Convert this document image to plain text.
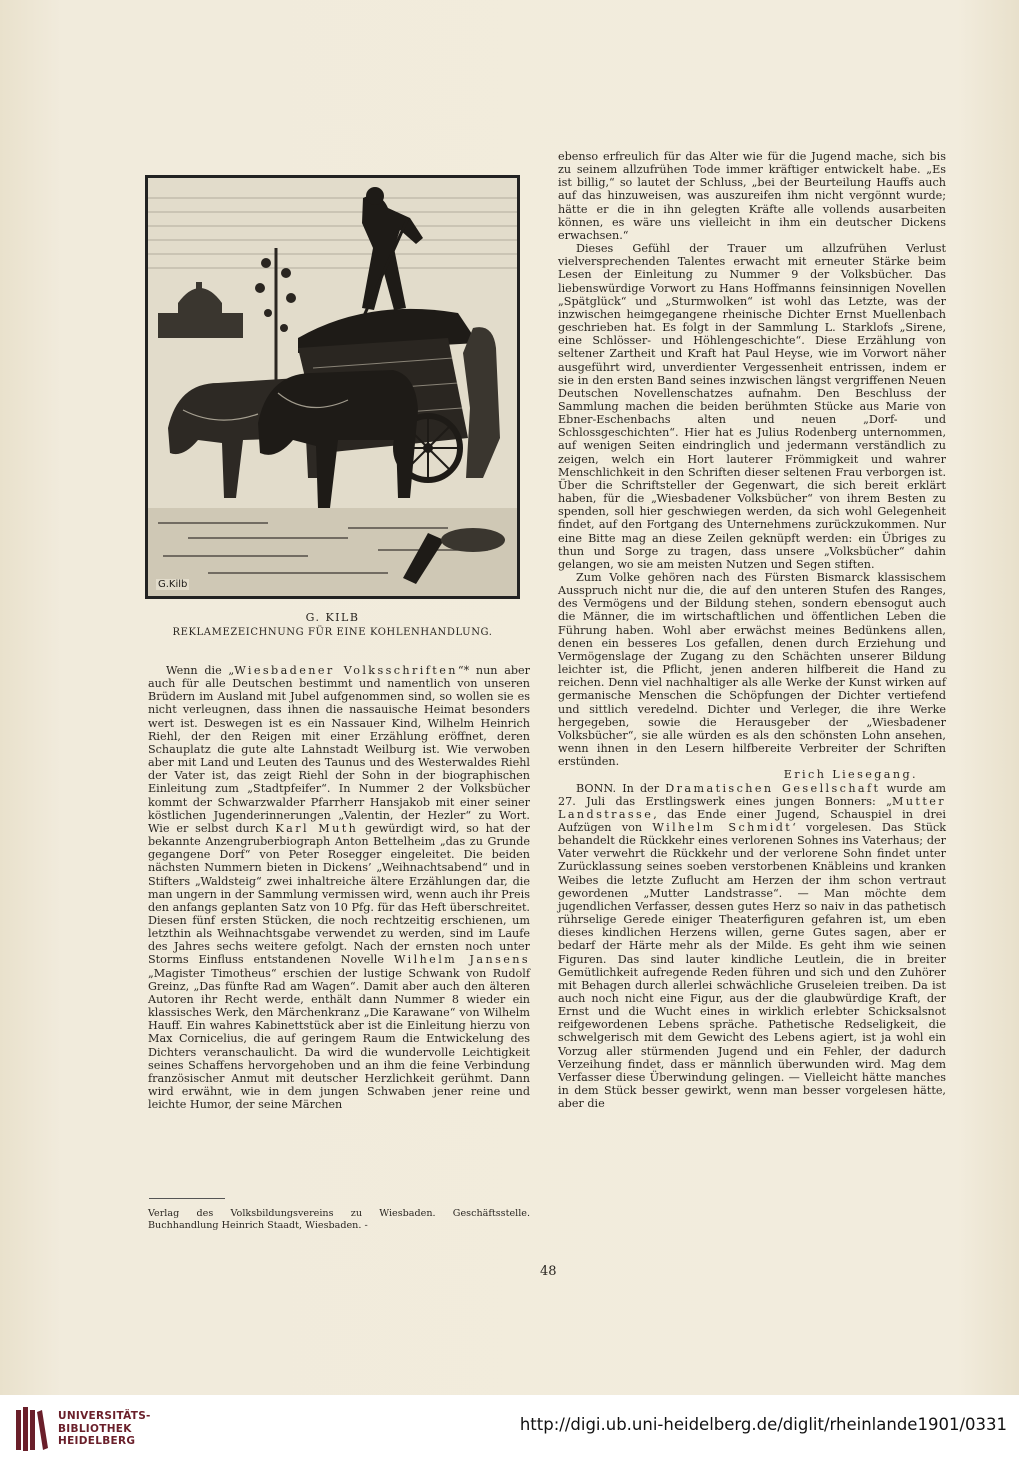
G.Kilb
G. KILB
REKLAMEZEICHNUNG FÜR EINE KOHLENHANDLUNG.

Wenn die „Wiesbadener Volksschriften“* nun aber auch für alle Deutschen bestimmt und namentlich von unseren Brüdern im Ausland mit Jubel aufgenommen sind, so wollen sie es nicht verleugnen, dass ihnen die nassauische Heimat besonders wert ist. Deswegen ist es ein Nassauer Kind, Wilhelm Heinrich Riehl, der den Reigen mit einer Erzählung eröffnet, deren Schauplatz die gute alte Lahnstadt Weilburg ist. Wie verwoben aber mit Land und Leuten des Taunus und des Westerwaldes Riehl der Vater ist, das zeigt Riehl der Sohn in der biographischen Einleitung zum „Stadtpfeifer“. In Nummer 2 der Volksbücher kommt der Schwarzwalder Pfarrherr Hansjakob mit einer seiner köstlichen Jugenderinnerungen „Valentin, der Hezler“ zu Wort. Wie er selbst durch Karl Muth gewürdigt wird, so hat der bekannte Anzengruberbiograph Anton Bettelheim „das zu Grunde gegangene Dorf“ von Peter Rosegger eingeleitet. Die beiden nächsten Nummern bieten in Dickens’ „Weihnachtsabend“ und in Stifters „Waldsteig“ zwei inhaltreiche ältere Erzählungen dar, die man ungern in der Sammlung vermissen wird, wenn auch ihr Preis den anfangs geplanten Satz von 10 Pfg. für das Heft überschreitet. Diesen fünf ersten Stücken, die noch rechtzeitig erschienen, um letzthin als Weihnachtsgabe verwendet zu werden, sind im Laufe des Jahres sechs weitere gefolgt. Nach der ernsten noch unter Storms Einfluss entstandenen Novelle Wilhelm Jansens „Magister Timotheus“ erschien der lustige Schwank von Rudolf Greinz, „Das fünfte Rad am Wagen“. Damit aber auch den älteren Autoren ihr Recht werde, enthält dann Nummer 8 wieder ein klassisches Werk, den Märchenkranz „Die Karawane“ von Wilhelm Hauff. Ein wahres Kabinettstück aber ist die Einleitung hierzu von Max Cornicelius, die auf geringem Raum die Entwickelung des Dichters veranschaulicht. Da wird die wundervolle Leichtigkeit seines Schaffens hervorgehoben und an ihm die feine Verbindung französischer Anmut mit deutscher Herzlichkeit gerühmt. Dann wird erwähnt, wie in dem jungen Schwaben jener reine und leichte Humor, der seine Märchen

Verlag des Volksbildungsvereins zu Wiesbaden. Geschäftsstelle. Buchhandlung Heinrich Staadt, Wiesbaden. -

ebenso erfreulich für das Alter wie für die Jugend mache, sich bis zu seinem allzufrühen Tode immer kräftiger entwickelt habe. „Es ist billig,“ so lautet der Schluss, „bei der Beurteilung Hauffs auch auf das hinzuweisen, was auszureifen ihm nicht vergönnt wurde; hätte er die in ihn gelegten Kräfte alle vollends ausarbeiten können, es wäre uns vielleicht in ihm ein deutscher Dickens erwachsen.“

Dieses Gefühl der Trauer um allzufrühen Verlust vielversprechenden Talentes erwacht mit erneuter Stärke beim Lesen der Einleitung zu Nummer 9 der Volksbücher. Das liebenswürdige Vorwort zu Hans Hoffmanns feinsinnigen Novellen „Spätglück“ und „Sturmwolken“ ist wohl das Letzte, was der inzwischen heimgegangene rheinische Dichter Ernst Muellenbach geschrieben hat. Es folgt in der Sammlung L. Starklofs „Sirene, eine Schlösser- und Höhlengeschichte“. Diese Erzählung von seltener Zartheit und Kraft hat Paul Heyse, wie im Vorwort näher ausgeführt wird, unverdienter Vergessenheit entrissen, indem er sie in den ersten Band seines inzwischen längst vergriffenen Neuen Deutschen Novellenschatzes aufnahm. Den Beschluss der Sammlung machen die beiden berühmten Stücke aus Marie von Ebner-Eschenbachs alten und neuen „Dorf- und Schlossgeschichten“. Hier hat es Julius Rodenberg unternommen, auf wenigen Seiten eindringlich und jedermann verständlich zu zeigen, welch ein Hort lauterer Frömmigkeit und wahrer Menschlichkeit in den Schriften dieser seltenen Frau verborgen ist. Über die Schriftsteller der Gegenwart, die sich bereit erklärt haben, für die „Wiesbadener Volksbücher“ von ihrem Besten zu spenden, soll hier geschwiegen werden, da sich wohl Gelegenheit findet, auf den Fortgang des Unternehmens zurückzukommen. Nur eine Bitte mag an diese Zeilen geknüpft werden: ein Übriges zu thun und Sorge zu tragen, dass unsere „Volksbücher“ dahin gelangen, wo sie am meisten Nutzen und Segen stiften.

Zum Volke gehören nach des Fürsten Bismarck klassischem Ausspruch nicht nur die, die auf den unteren Stufen des Ranges, des Vermögens und der Bildung stehen, sondern ebensogut auch die Männer, die im wirtschaftlichen und öffentlichen Leben die Führung haben. Wohl aber erwächst meines Bedünkens allen, denen ein besseres Los gefallen, denen durch Erziehung und Vermögenslage der Zugang zu den Schächten unserer Bildung leichter ist, die Pflicht, jenen anderen hilfbereit die Hand zu reichen. Denn viel nachhaltiger als alle Werke der Kunst wirken auf germanische Menschen die Schöpfungen der Dichter vertiefend und sittlich veredelnd. Dichter und Verleger, die ihre Werke hergegeben, sowie die Herausgeber der „Wiesbadener Volksbücher“, sie alle würden es als den schönsten Lohn ansehen, wenn ihnen in den Lesern hilfbereite Verbreiter der Schriften erstünden.

Erich Liesegang.

BONN. In der Dramatischen Gesellschaft wurde am 27. Juli das Erstlingswerk eines jungen Bonners: „Mutter Landstrasse, das Ende einer Jugend, Schauspiel in drei Aufzügen von Wilhelm Schmidt‘ vorgelesen. Das Stück behandelt die Rückkehr eines verlorenen Sohnes ins Vaterhaus; der Vater verwehrt die Rückkehr und der verlorene Sohn findet unter Zurücklassung seines soeben verstorbenen Knäbleins und kranken Weibes die letzte Zuflucht am Herzen der ihm schon vertraut gewordenen „Mutter Landstrasse“. — Man möchte dem jugendlichen Verfasser, dessen gutes Herz so naiv in das pathetisch rührselige Gerede einiger Theaterfiguren gefahren ist, um eben dieses kindlichen Herzens willen, gerne Gutes sagen, aber er bedarf der Härte mehr als der Milde. Es geht ihm wie seinen Figuren. Das sind lauter kindliche Leutlein, die in breiter Gemütlichkeit aufregende Reden führen und sich und den Zuhörer mit Behagen durch allerlei schwächliche Gruseleien treiben. Da ist auch noch nicht eine Figur, aus der die glaubwürdige Kraft, der Ernst und die Wucht eines in wirklich erlebter Schicksalsnot reifgewordenen Lebens spräche. Pathetische Redseligkeit, die schwelgerisch mit dem Gewicht des Lebens agiert, ist ja wohl ein Vorzug aller stürmenden Jugend und ein Fehler, der dadurch Verzeihung findet, dass er männlich überwunden wird. Mag dem Verfasser diese Überwindung gelingen. — Vielleicht hätte manches in dem Stück besser gewirkt, wenn man besser vorgelesen hätte, aber die

48
UNIVERSITÄTS-
BIBLIOTHEK
HEIDELBERG
http://digi.ub.uni-heidelberg.de/diglit/rheinlande1901/0331
